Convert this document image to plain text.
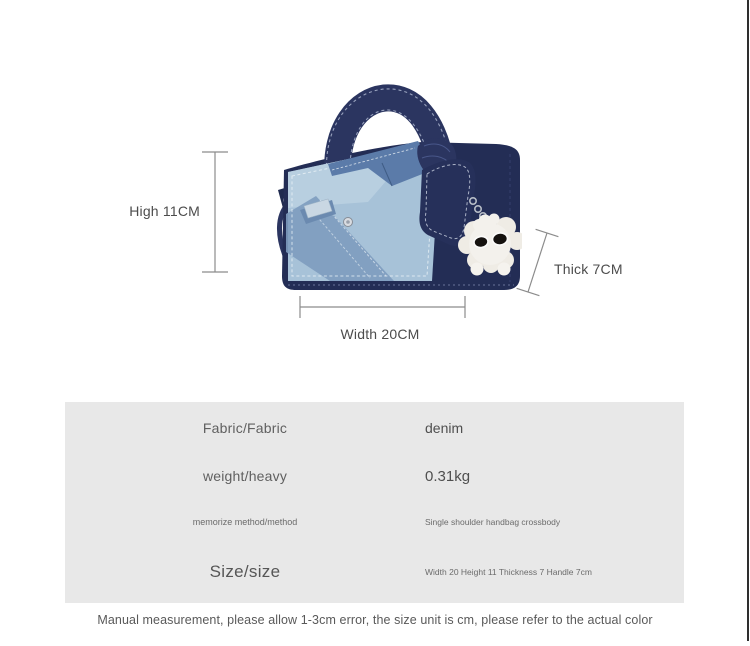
High 11CM
Width 20CM
Thick 7CM
Fabric/Fabric	denim
weight/heavy	0.31kg
memorize method/method	Single shoulder handbag crossbody
Size/size	Width 20 Height 11 Thickness 7 Handle 7cm
Manual measurement, please allow 1-3cm error, the size unit is cm, please refer to the actual color
